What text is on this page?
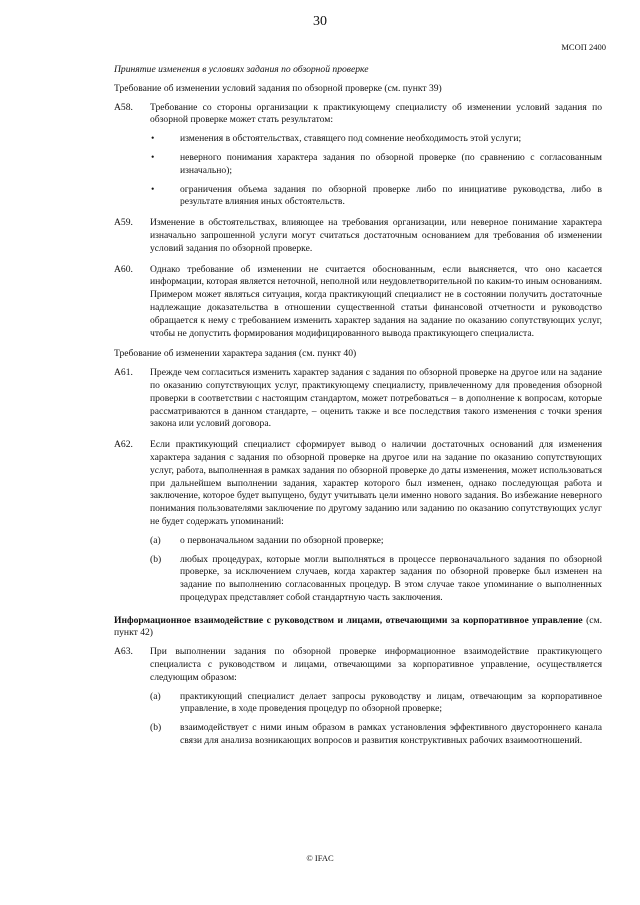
30
МСОП 2400

Принятие изменения в условиях задания по обзорной проверке

Требование об изменении условий задания по обзорной проверке (см. пункт 39)

A58. Требование со стороны организации к практикующему специалисту об изменении условий задания по обзорной проверке может стать результатом:

•	изменения в обстоятельствах, ставящего под сомнение необходимость этой услуги;
•	неверного понимания характера задания по обзорной проверке (по сравнению с согласованным изначально);
•	ограничения объема задания по обзорной проверке либо по инициативе руководства, либо в результате влияния иных обстоятельств.
A59. Изменение в обстоятельствах, влияющее на требования организации, или неверное понимание характера изначально запрошенной услуги могут считаться достаточным основанием для требования об изменении условий задания по обзорной проверке.

A60. Однако требование об изменении не считается обоснованным, если выясняется, что оно касается информации, которая является неточной, неполной или неудовлетворительной по каким-то иным основаниям. Примером может являться ситуация, когда практикующий специалист не в состоянии получить достаточные надлежащие доказательства в отношении существенной статьи финансовой отчетности и руководство обращается к нему с требованием изменить характер задания на задание по оказанию сопутствующих услуг, чтобы не допустить формирования модифицированного вывода практикующего специалиста.

Требование об изменении характера задания (см. пункт 40)

A61. Прежде чем согласиться изменить характер задания с задания по обзорной проверке на другое или на задание по оказанию сопутствующих услуг, практикующему специалисту, привлеченному для проведения обзорной проверки в соответствии с настоящим стандартом, может потребоваться – в дополнение к вопросам, которые рассматриваются в данном стандарте, – оценить также и все последствия такого изменения с точки зрения закона или условий договора.

A62. Если практикующий специалист сформирует вывод о наличии достаточных оснований для изменения характера задания с задания по обзорной проверке на другое или на задание по оказанию сопутствующих услуг, работа, выполненная в рамках задания по обзорной проверке до даты изменения, может использоваться при дальнейшем выполнении задания, характер которого был изменен, однако последующая работа и заключение, которое будет выпущено, будут учитывать цели именно нового задания. Во избежание неверного понимания пользователями заключение по другому заданию или заданию по оказанию сопутствующих услуг не будет содержать упоминаний:

(a) о первоначальном задании по обзорной проверке;
(b) любых процедурах, которые могли выполняться в процессе первоначального задания по обзорной проверке, за исключением случаев, когда характер задания по обзорной проверке был изменен на задание по выполнению согласованных процедур. В этом случае такое упоминание о выполненных процедурах представляет собой стандартную часть заключения.

Информационное взаимодействие с руководством и лицами, отвечающими за корпоративное управление (см. пункт 42)

A63. При выполнении задания по обзорной проверке информационное взаимодействие практикующего специалиста с руководством и лицами, отвечающими за корпоративное управление, осуществляется следующим образом:

(a) практикующий специалист делает запросы руководству и лицам, отвечающим за корпоративное управление, в ходе проведения процедур по обзорной проверке;
(b) взаимодействует с ними иным образом в рамках установления эффективного двустороннего канала связи для анализа возникающих вопросов и развития конструктивных рабочих взаимоотношений.
© IFAC
